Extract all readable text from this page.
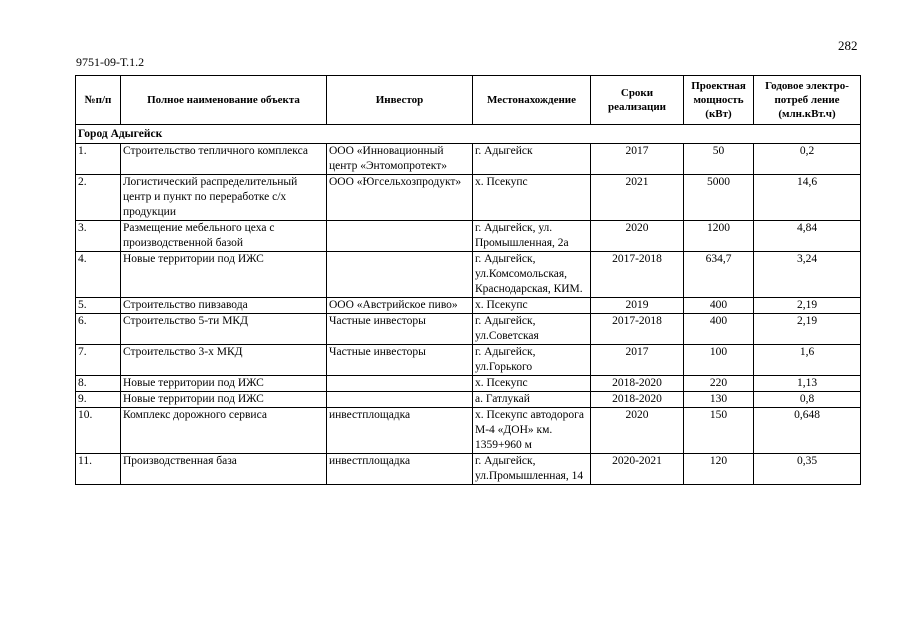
282
9751-09-Т.1.2
№п/п	Полное наименование объекта	Инвестор	Местонахождение	Сроки реализации	Проектная мощность (кВт)	Годовое электро-потреб ление (млн.кВт.ч)
Город Адыгейск						
1.	Строительство тепличного комплекса	ООО «Инновационный центр «Энтомопротект»	г. Адыгейск	2017	50	0,2
2.	Логистический распределительный центр и пункт по переработке с/х продукции	ООО «Югсельхозпродукт»	х. Псекупс	2021	5000	14,6
3.	Размещение мебельного цеха с производственной базой		г. Адыгейск, ул. Промышленная, 2а	2020	1200	4,84
4.	Новые территории под ИЖС		г. Адыгейск, ул.Комсомольская, Краснодарская, КИМ.	2017-2018	634,7	3,24
5.	Строительство пивзавода	ООО «Австрийское пиво»	х. Псекупс	2019	400	2,19
6.	Строительство 5-ти МКД	Частные инвесторы	г. Адыгейск, ул.Советская	2017-2018	400	2,19
7.	Строительство 3-х МКД	Частные инвесторы	г. Адыгейск, ул.Горького	2017	100	1,6
8.	Новые территории под ИЖС		х. Псекупс	2018-2020	220	1,13
9.	Новые территории под ИЖС		а. Гатлукай	2018-2020	130	0,8
10.	Комплекс дорожного сервиса	инвестплощадка	х. Псекупс автодорога М-4 «ДОН» км. 1359+960 м	2020	150	0,648
11.	Производственная база	инвестплощадка	г. Адыгейск, ул.Промышленная, 14	2020-2021	120	0,35
